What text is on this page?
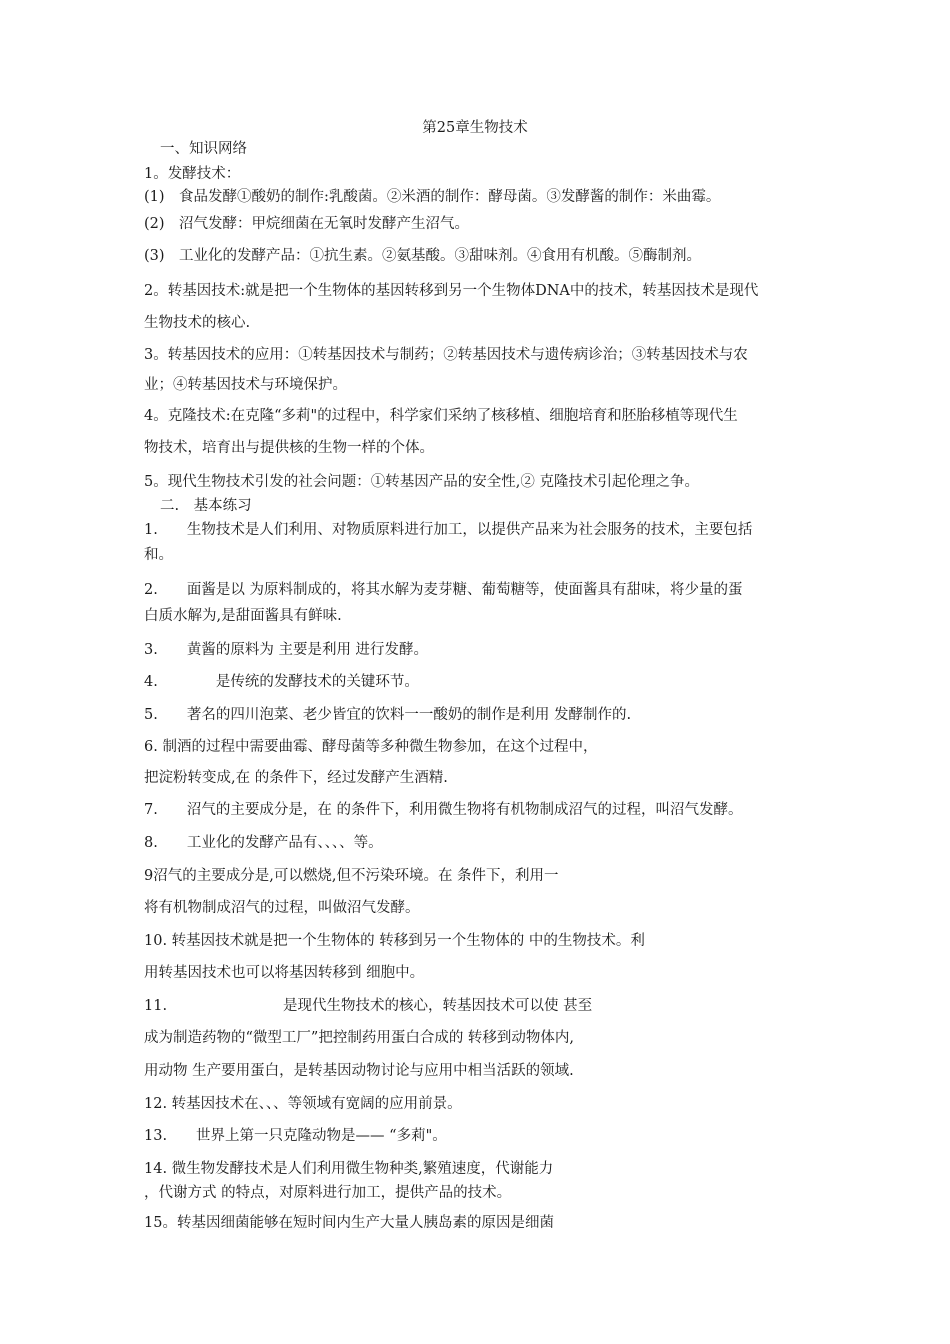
第25章生物技术
一、知识网络
1。发酵技术：
(1)　食品发酵①酸奶的制作:乳酸菌。②米酒的制作：酵母菌。③发酵酱的制作：米曲霉。
(2)　沼气发酵：甲烷细菌在无氧时发酵产生沼气。
(3)　工业化的发酵产品：①抗生素。②氨基酸。③甜味剂。④食用有机酸。⑤酶制剂。
2。转基因技术:就是把一个生物体的基因转移到另一个生物体DNA中的技术，转基因技术是现代
生物技术的核心.
3。转基因技术的应用：①转基因技术与制药；②转基因技术与遗传病诊治；③转基因技术与农
业；④转基因技术与环境保护。
4。克隆技术:在克隆“多莉"的过程中，科学家们采纳了核移植、细胞培育和胚胎移植等现代生
物技术，培育出与提供核的生物一样的个体。
5。现代生物技术引发的社会问题：①转基因产品的安全性,② 克隆技术引起伦理之争。
二.　基本练习
1.　　生物技术是人们利用、对物质原料进行加工，以提供产品来为社会服务的技术，主要包括
和。
2.　　面酱是以 为原料制成的，将其水解为麦芽糖、葡萄糖等，使面酱具有甜味，将少量的蛋
白质水解为,是甜面酱具有鲜味.
3.　　黄酱的原料为 主要是利用 进行发酵。
4.　　　　是传统的发酵技术的关键环节。
5.　　著名的四川泡菜、老少皆宜的饮料一一酸奶的制作是利用 发酵制作的.
6. 制酒的过程中需要曲霉、酵母菌等多种微生物参加，在这个过程中，
把淀粉转变成,在 的条件下，经过发酵产生酒精.
7.　　沼气的主要成分是，在 的条件下，利用微生物将有机物制成沼气的过程，叫沼气发酵。
8.　　工业化的发酵产品有、、、、等。
9沼气的主要成分是,可以燃烧,但不污染环境。在 条件下，利用一
将有机物制成沼气的过程，叫做沼气发酵。
10. 转基因技术就是把一个生物体的 转移到另一个生物体的 中的生物技术。利
用转基因技术也可以将基因转移到 细胞中。
11.　　　　　　　　是现代生物技术的核心，转基因技术可以使 甚至
成为制造药物的“微型工厂”把控制药用蛋白合成的 转移到动物体内,
用动物 生产要用蛋白，是转基因动物讨论与应用中相当活跃的领域.
12. 转基因技术在、、、等领域有宽阔的应用前景。
13.　　世界上第一只克隆动物是—— “多莉"。
14. 微生物发酵技术是人们利用微生物种类,繁殖速度，代谢能力
，代谢方式 的特点，对原料进行加工，提供产品的技术。
15。转基因细菌能够在短时间内生产大量人胰岛素的原因是细菌
